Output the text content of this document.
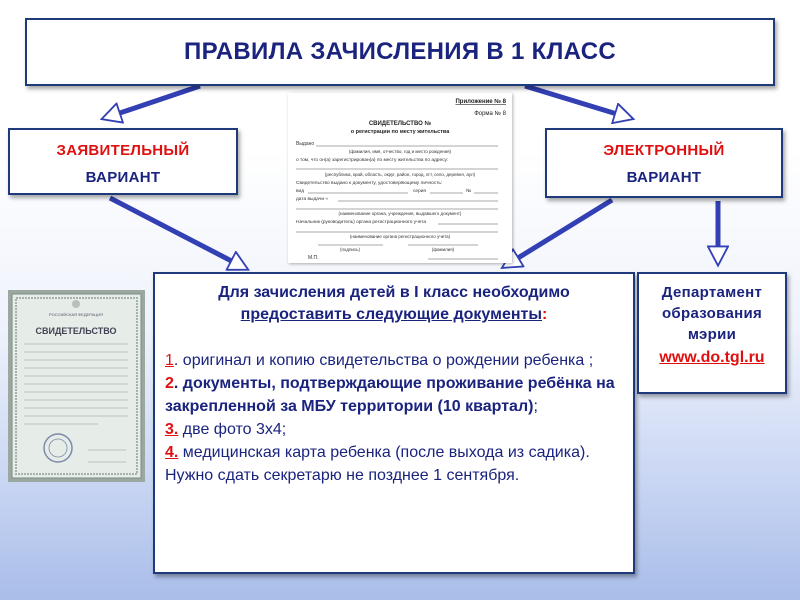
ПРАВИЛА ЗАЧИСЛЕНИЯ В 1 КЛАСС
ЗАЯВИТЕЛЬНЫЙ
ВАРИАНТ
ЭЛЕКТРОННЫЙ
ВАРИАНТ
Приложение № 8
Форма № 8
СВИДЕТЕЛЬСТВО №
о регистрации по месту жительства
Выдано
(фамилия, имя, отчество, год и место рождения)
о том, что он(а) зарегистрирован(а) по месту жительства по адресу:
(республика, край, область, округ, район, город, пгт, село, деревня, аул)
Свидетельство выдано к документу, удостоверяющему личность:
вид	серия	№
дата выдачи «
(наименование органа, учреждения, выдавшего документ)
Начальник (руководитель) органа регистрационного учета
(наименование органа регистрационного учета)
(подпись)	(фамилия)
М.П.
РОССИЙСКАЯ ФЕДЕРАЦИЯ
СВИДЕТЕЛЬСТВО
Для зачисления детей в I класс необходимо
предоставить следующие документы:

1. оригинал и копию свидетельства о рождении ребенка ;

2. документы, подтверждающие проживание ребёнка на закрепленной за МБУ территории (10 квартал);

3. две фото 3х4;

4. медицинская карта ребенка (после выхода из садика). Нужно сдать секретарю не позднее 1 сентября.

Департамент
образования
мэрии
www.do.tgl.ru
